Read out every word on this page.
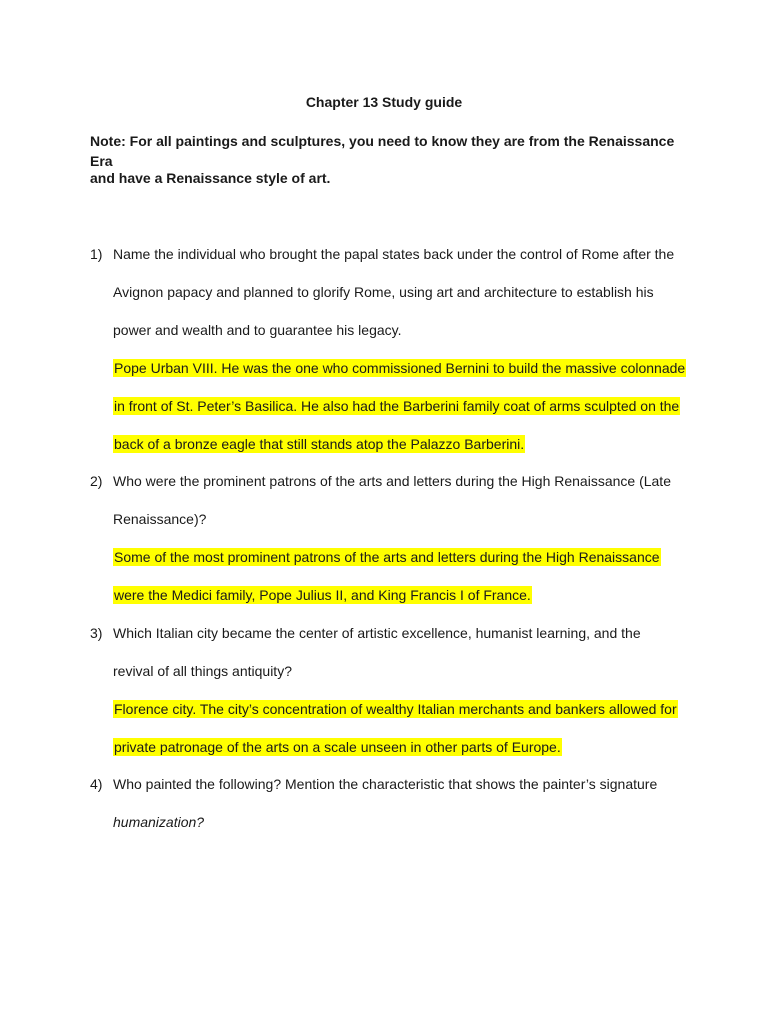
Chapter 13 Study guide
Note: For all paintings and sculptures, you need to know they are from the Renaissance Era
and have a Renaissance style of art.
1) Name the individual who brought the papal states back under the control of Rome after the
Avignon papacy and planned to glorify Rome, using art and architecture to establish his
power and wealth and to guarantee his legacy.
Pope Urban VIII. He was the one who commissioned Bernini to build the massive colonnade
in front of St. Peter’s Basilica. He also had the Barberini family coat of arms sculpted on the
back of a bronze eagle that still stands atop the Palazzo Barberini.
2) Who were the prominent patrons of the arts and letters during the High Renaissance (Late
Renaissance)?
Some of the most prominent patrons of the arts and letters during the High Renaissance
were the Medici family, Pope Julius II, and King Francis I of France.
3) Which Italian city became the center of artistic excellence, humanist learning, and the
revival of all things antiquity?
Florence city. The city’s concentration of wealthy Italian merchants and bankers allowed for
private patronage of the arts on a scale unseen in other parts of Europe.
4) Who painted the following? Mention the characteristic that shows the painter’s signature
humanization?
